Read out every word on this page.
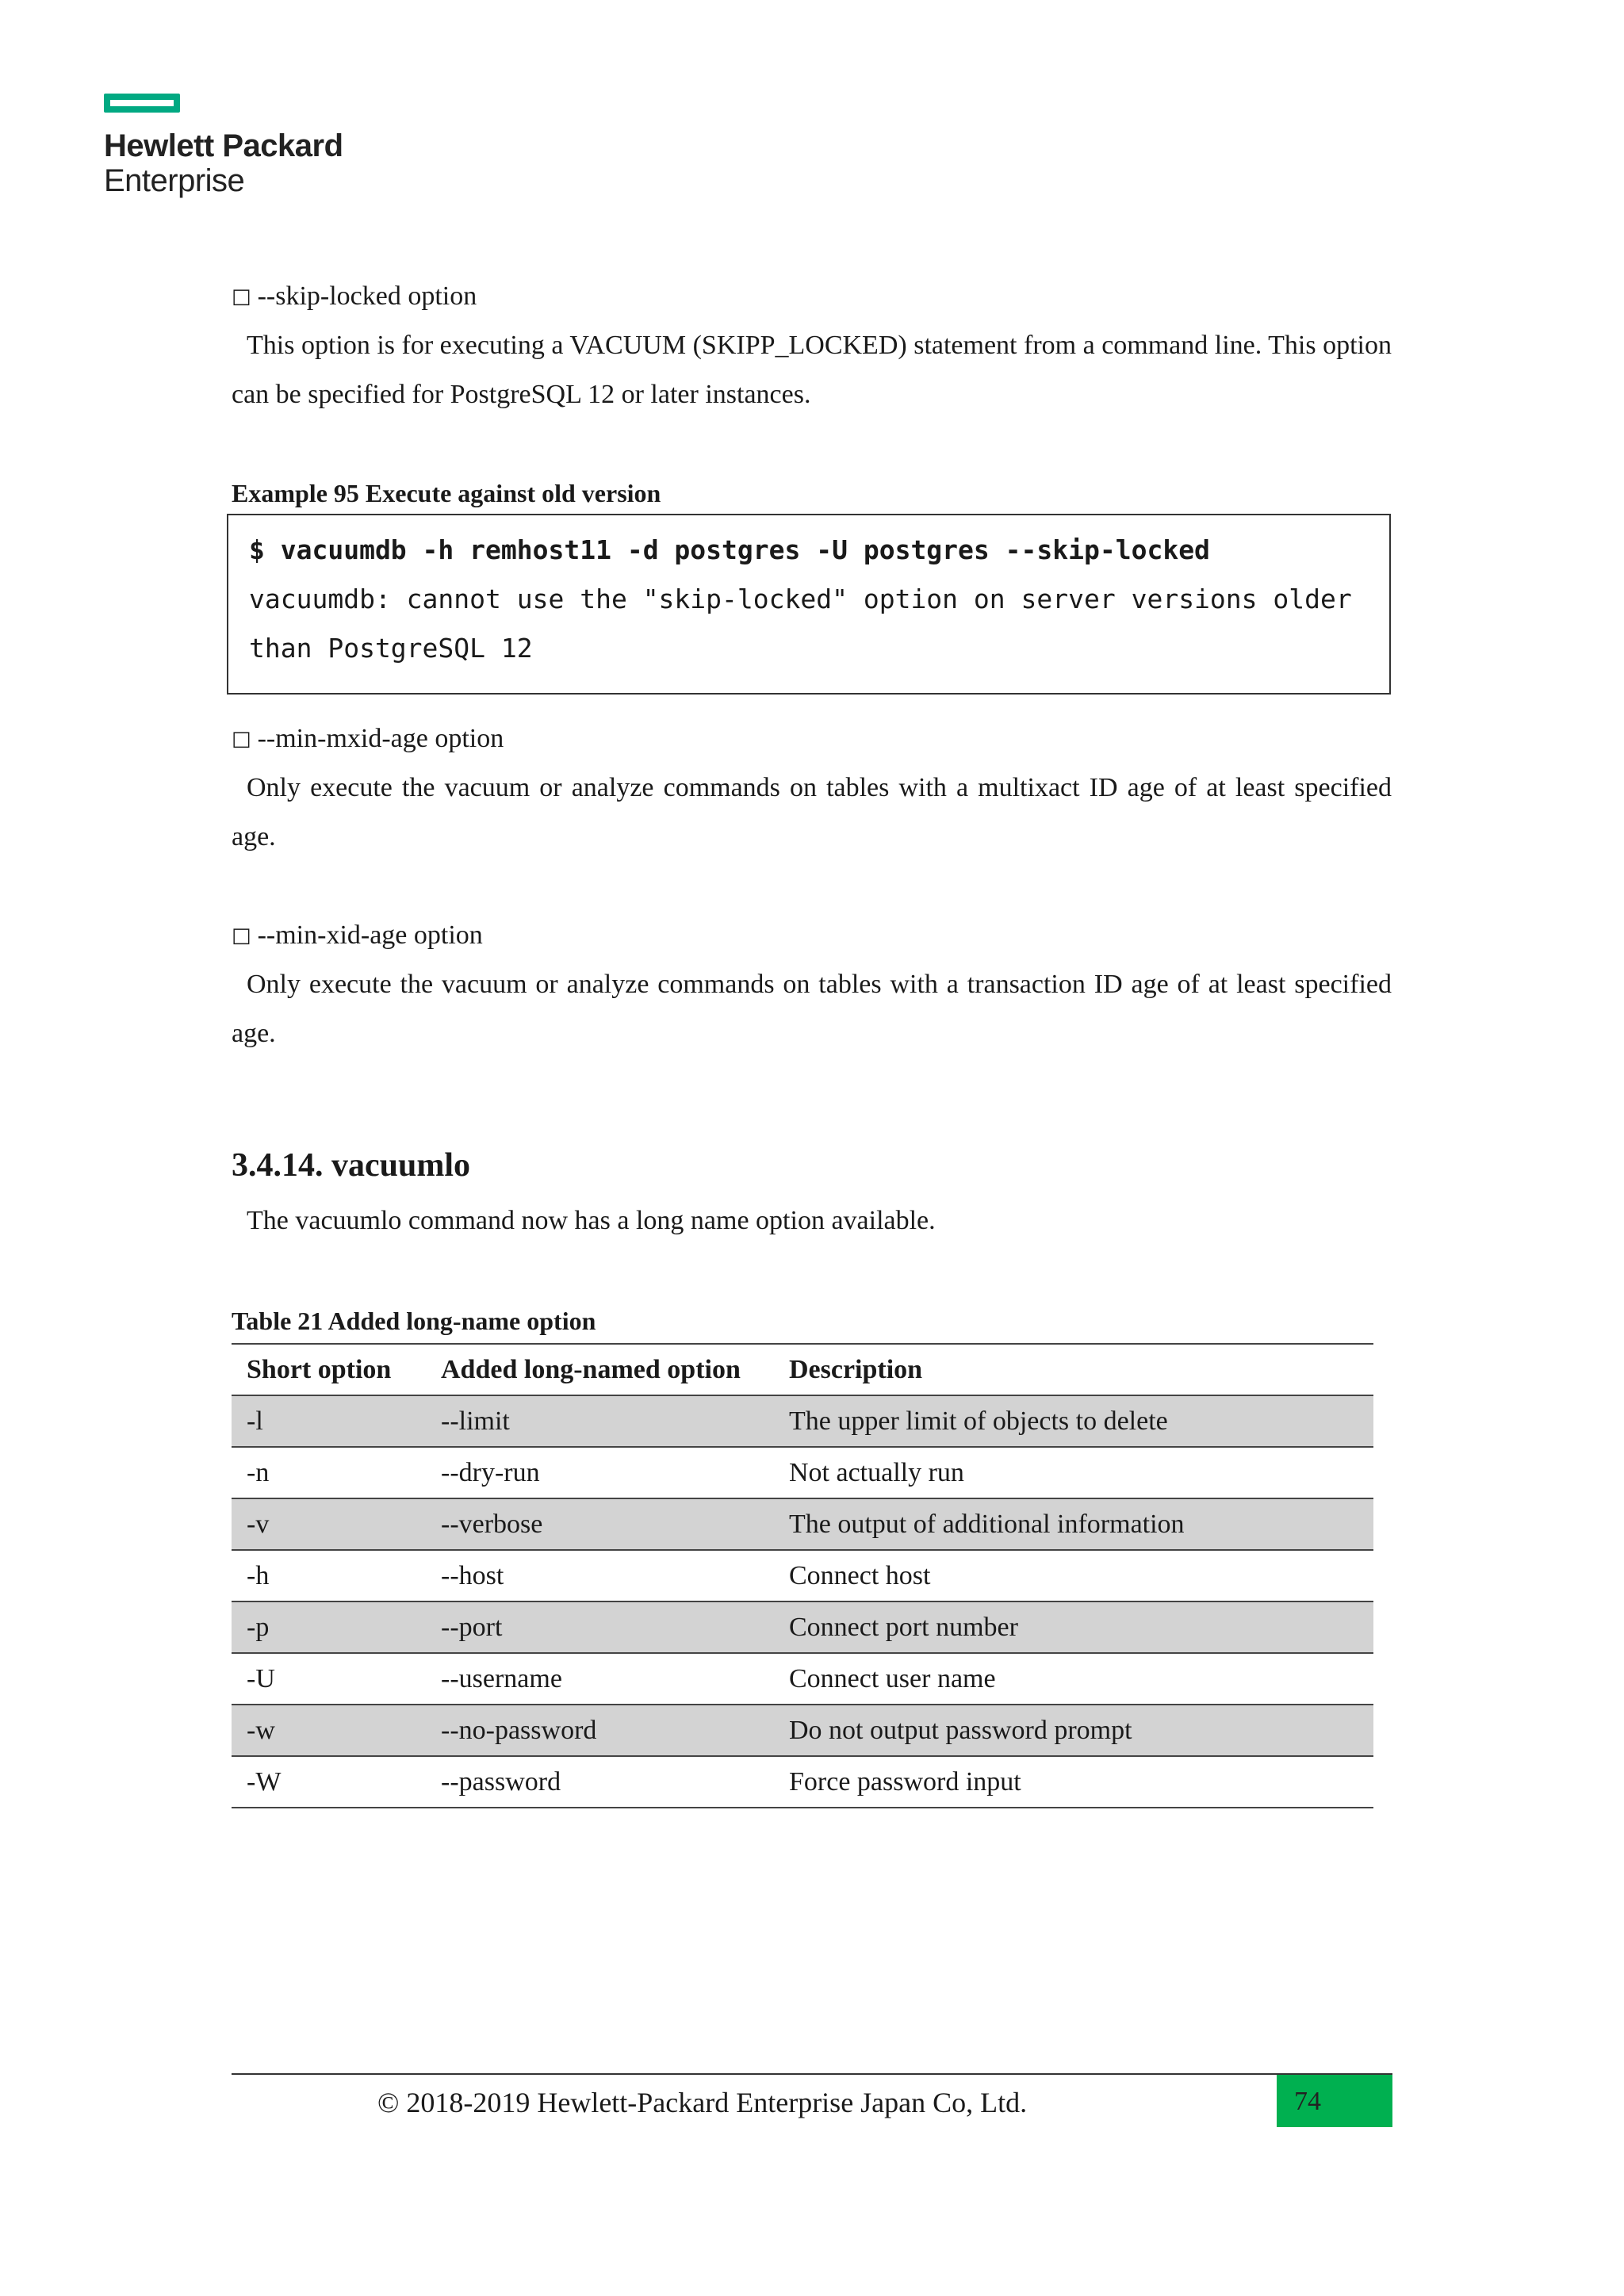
Hewlett Packard
Enterprise
□ --skip-locked option
This option is for executing a VACUUM (SKIPP_LOCKED) statement from a command line. This option can be specified for PostgreSQL 12 or later instances.
Example 95 Execute against old version
$ vacuumdb -h remhost11 -d postgres -U postgres --skip-locked
vacuumdb: cannot use the "skip-locked" option on server versions older
than PostgreSQL 12
□ --min-mxid-age option
Only execute the vacuum or analyze commands on tables with a multixact ID age of at least specified age.
□ --min-xid-age option
Only execute the vacuum or analyze commands on tables with a transaction ID age of at least specified age.
3.4.14. vacuumlo
The vacuumlo command now has a long name option available.
Table 21 Added long-name option
Short option	Added long-named option	Description
-l	--limit	The upper limit of objects to delete
-n	--dry-run	Not actually run
-v	--verbose	The output of additional information
-h	--host	Connect host
-p	--port	Connect port number
-U	--username	Connect user name
-w	--no-password	Do not output password prompt
-W	--password	Force password input
© 2018-2019 Hewlett-Packard Enterprise Japan Co, Ltd.	74
